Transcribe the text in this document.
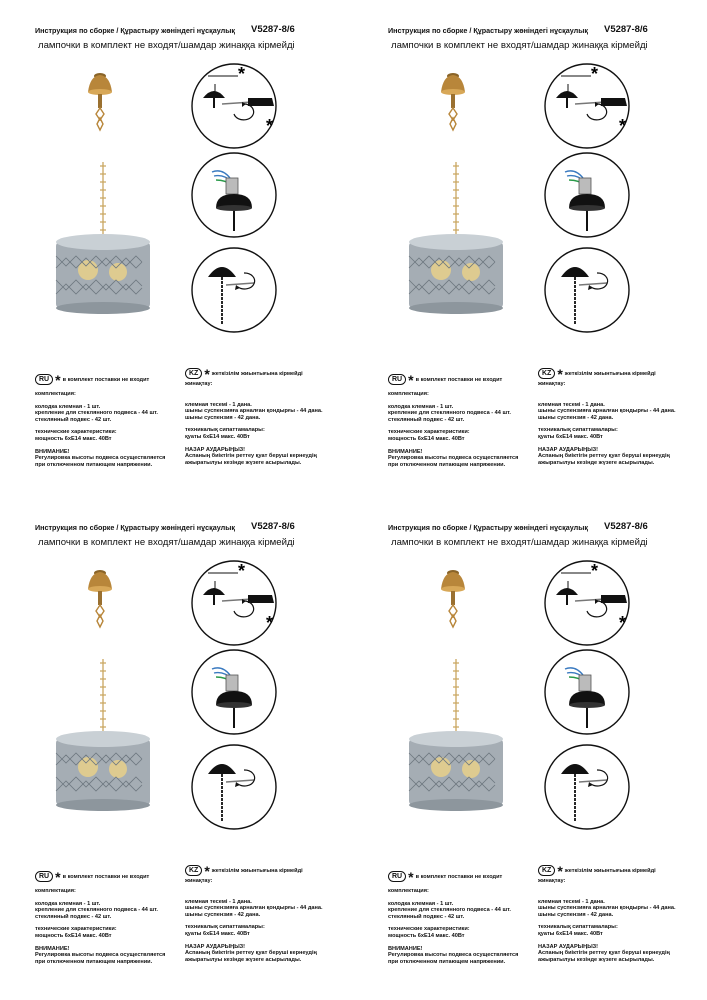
Инструкция по сборке / Құрастыру жөніндегі нұсқаулық V5287-8/6
лампочки в комплект не входят/шамдар жинаққа кірмейді
*
*
RU * в комплект поставки не входит
комплектация:
колодка клемная - 1 шт.
крепление для стеклянного подвеса - 44 шт.
стеклянный подвес - 42 шт.
технические характеристики:
мощность 6хЕ14 макс. 40Вт
ВНИМАНИЕ!
Регулировка высоты подвеса осуществляется
при отключенном питающем напряжении.
KZ * жеткізілім жиынтығына кірмейді
жинақтау:
клемная тесемі - 1 дана.
шыны суспензияға арналған қондырғы - 44 дана.
шыны суспензия - 42 дана.
техникалық сипаттамалары:
қуаты 6хЕ14 макс. 40Вт
НАЗАР АУДАРЫҢЫЗ!
Аспаның биіктігін реттеу қуат беруші кернеудің
ажыратылуы кезінде жүзеге асырылады.
Инструкция по сборке / Құрастыру жөніндегі нұсқаулық V5287-8/6
лампочки в комплект не входят/шамдар жинаққа кірмейді
*
*
RU * в комплект поставки не входит
комплектация:
колодка клемная - 1 шт.
крепление для стеклянного подвеса - 44 шт.
стеклянный подвес - 42 шт.
технические характеристики:
мощность 6хЕ14 макс. 40Вт
ВНИМАНИЕ!
Регулировка высоты подвеса осуществляется
при отключенном питающем напряжении.
KZ * жеткізілім жиынтығына кірмейді
жинақтау:
клемная тесемі - 1 дана.
шыны суспензияға арналған қондырғы - 44 дана.
шыны суспензия - 42 дана.
техникалық сипаттамалары:
қуаты 6хЕ14 макс. 40Вт
НАЗАР АУДАРЫҢЫЗ!
Аспаның биіктігін реттеу қуат беруші кернеудің
ажыратылуы кезінде жүзеге асырылады.
Инструкция по сборке / Құрастыру жөніндегі нұсқаулық V5287-8/6
лампочки в комплект не входят/шамдар жинаққа кірмейді
*
*
RU * в комплект поставки не входит
комплектация:
колодка клемная - 1 шт.
крепление для стеклянного подвеса - 44 шт.
стеклянный подвес - 42 шт.
технические характеристики:
мощность 6хЕ14 макс. 40Вт
ВНИМАНИЕ!
Регулировка высоты подвеса осуществляется
при отключенном питающем напряжении.
KZ * жеткізілім жиынтығына кірмейді
жинақтау:
клемная тесемі - 1 дана.
шыны суспензияға арналған қондырғы - 44 дана.
шыны суспензия - 42 дана.
техникалық сипаттамалары:
қуаты 6хЕ14 макс. 40Вт
НАЗАР АУДАРЫҢЫЗ!
Аспаның биіктігін реттеу қуат беруші кернеудің
ажыратылуы кезінде жүзеге асырылады.
Инструкция по сборке / Құрастыру жөніндегі нұсқаулық V5287-8/6
лампочки в комплект не входят/шамдар жинаққа кірмейді
*
*
RU * в комплект поставки не входит
комплектация:
колодка клемная - 1 шт.
крепление для стеклянного подвеса - 44 шт.
стеклянный подвес - 42 шт.
технические характеристики:
мощность 6хЕ14 макс. 40Вт
ВНИМАНИЕ!
Регулировка высоты подвеса осуществляется
при отключенном питающем напряжении.
KZ * жеткізілім жиынтығына кірмейді
жинақтау:
клемная тесемі - 1 дана.
шыны суспензияға арналған қондырғы - 44 дана.
шыны суспензия - 42 дана.
техникалық сипаттамалары:
қуаты 6хЕ14 макс. 40Вт
НАЗАР АУДАРЫҢЫЗ!
Аспаның биіктігін реттеу қуат беруші кернеудің
ажыратылуы кезінде жүзеге асырылады.
